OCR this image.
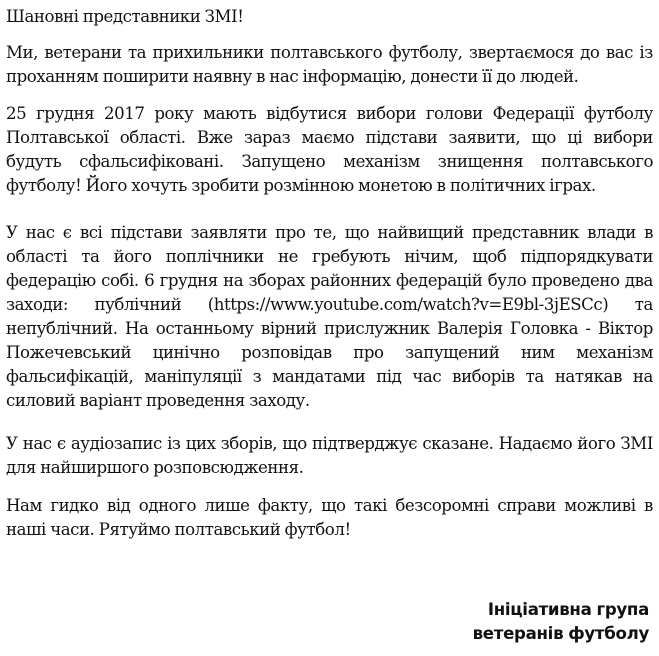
Шановні представники ЗМІ!
Ми, ветерани та прихильники полтавського футболу, звертаємося до вас із
проханням поширити наявну в нас інформацію, донести її до людей.
25 грудня 2017 року мають відбутися вибори голови Федерації футболу
Полтавської області. Вже зараз маємо підстави заявити, що ці вибори
будуть сфальсифіковані. Запущено механізм знищення полтавського
футболу! Його хочуть зробити розмінною монетою в політичних іграх.
У нас є всі підстави заявляти про те, що найвищий представник влади в
області та його поплічники не гребують нічим, щоб підпорядкувати
федерацію собі. 6 грудня на зборах районних федерацій було проведено два
заходи: публічний (https://www.youtube.com/watch?v=E9bl-3jESCc) та
непублічний. На останньому вірний прислужник Валерія Головка - Віктор
Пожечевський цинічно розповідав про запущений ним механізм
фальсифікацій, маніпуляції з мандатами під час виборів та натякав на
силовий варіант проведення заходу.
У нас є аудіозапис із цих зборів, що підтверджує сказане. Надаємо його ЗМІ
для найширшого розповсюдження.
Нам гидко від одного лише факту, що такі безсоромні справи можливі в
наші часи. Рятуймо полтавський футбол!
Ініціативна група
ветеранів футболу
